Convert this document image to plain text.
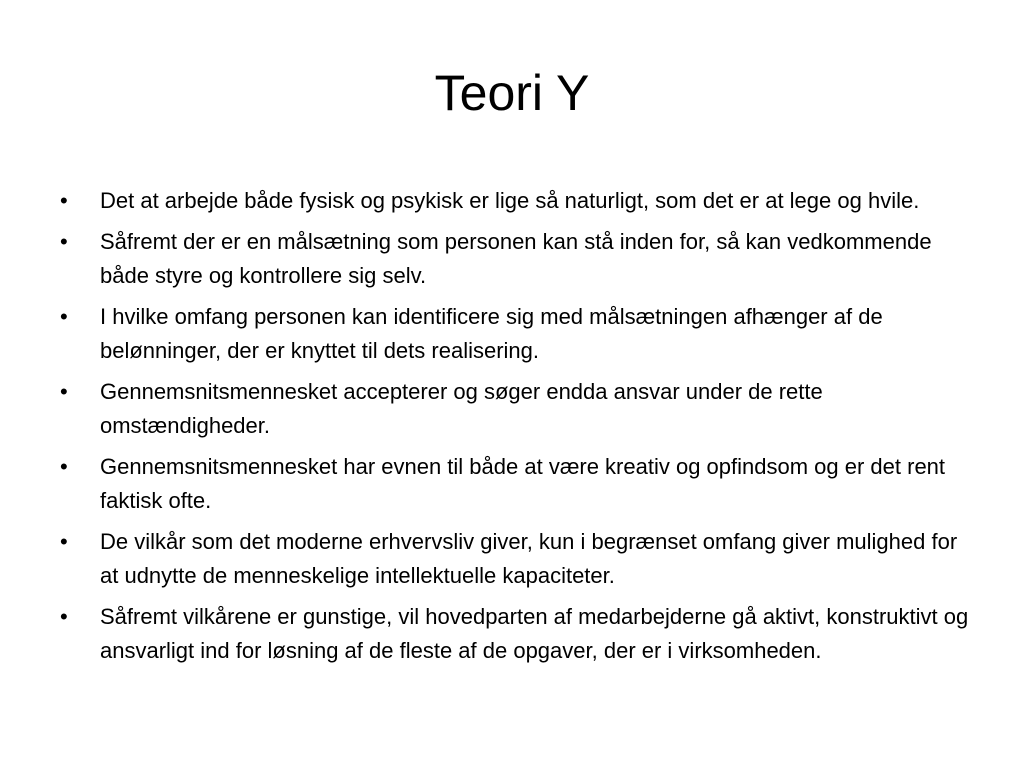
Teori Y
•	Det at arbejde både fysisk og psykisk er lige så naturligt, som det er at lege og hvile.
•	Såfremt der er en målsætning som personen kan stå inden for, så kan vedkommende både styre og kontrollere sig selv.
•	I hvilke omfang personen kan identificere sig med målsætningen afhænger af de belønninger, der er knyttet til dets realisering.
•	Gennemsnitsmennesket accepterer og søger endda ansvar under de rette omstændigheder.
•	Gennemsnitsmennesket har evnen til både at være kreativ og opfindsom og er det rent faktisk ofte.
•	De vilkår som det moderne erhvervsliv giver, kun i begrænset omfang giver mulighed for at udnytte de menneskelige intellektuelle kapaciteter.
•	Såfremt vilkårene er gunstige, vil hovedparten af medarbejderne gå aktivt, konstruktivt og ansvarligt ind for løsning af de fleste af de opgaver, der er i virksomheden.
